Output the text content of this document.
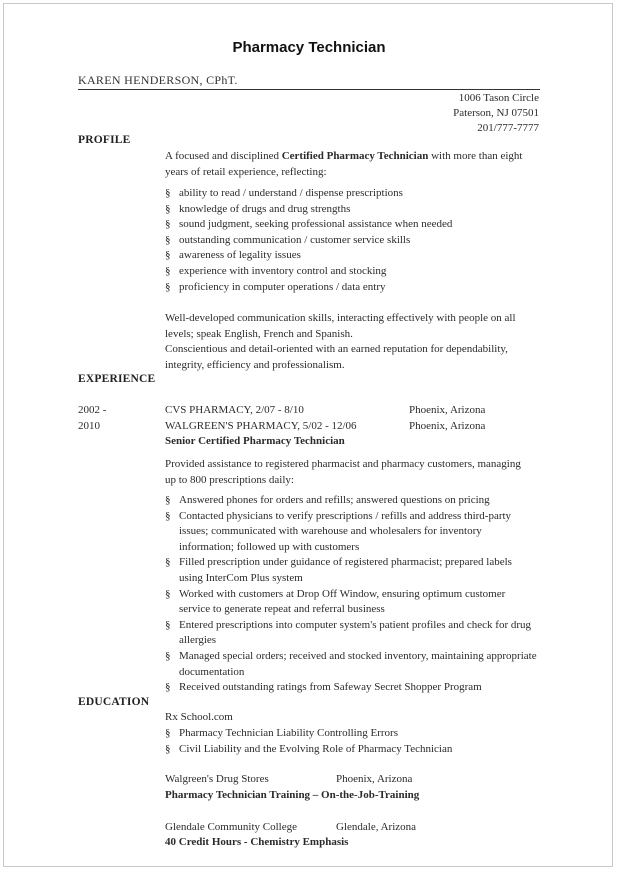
Pharmacy Technician
KAREN HENDERSON, CPhT.
1006 Tason Circle
Paterson, NJ 07501
201/777-7777
PROFILE
A focused and disciplined Certified Pharmacy Technician with more than eight years of retail experience, reflecting:
§ ability to read / understand / dispense prescriptions
§ knowledge of drugs and drug strengths
§ sound judgment, seeking professional assistance when needed
§ outstanding communication / customer service skills
§ awareness of legality issues
§ experience with inventory control and stocking
§ proficiency in computer operations / data entry
Well-developed communication skills, interacting effectively with people on all levels; speak English, French and Spanish.
Conscientious and detail-oriented with an earned reputation for dependability, integrity, efficiency and professionalism.
EXPERIENCE
2002 -
2010
CVS PHARMACY, 2/07 - 8/10	Phoenix, Arizona
WALGREEN'S PHARMACY, 5/02 - 12/06	Phoenix, Arizona
Senior Certified Pharmacy Technician
Provided assistance to registered pharmacist and pharmacy customers, managing up to 800 prescriptions daily:
§ Answered phones for orders and refills; answered questions on pricing
§ Contacted physicians to verify prescriptions / refills and address third-party issues; communicated with warehouse and wholesalers for inventory information; followed up with customers
§ Filled prescription under guidance of registered pharmacist; prepared labels using InterCom Plus system
§ Worked with customers at Drop Off Window, ensuring optimum customer service to generate repeat and referral business
§ Entered prescriptions into computer system's patient profiles and check for drug allergies
§ Managed special orders; received and stocked inventory, maintaining appropriate documentation
§ Received outstanding ratings from Safeway Secret Shopper Program
EDUCATION
Rx School.com
§ Pharmacy Technician Liability Controlling Errors
§ Civil Liability and the Evolving Role of Pharmacy Technician
Walgreen's Drug Stores	Phoenix, Arizona
Pharmacy Technician Training – On-the-Job-Training
Glendale Community College	Glendale, Arizona
40 Credit Hours - Chemistry Emphasis
